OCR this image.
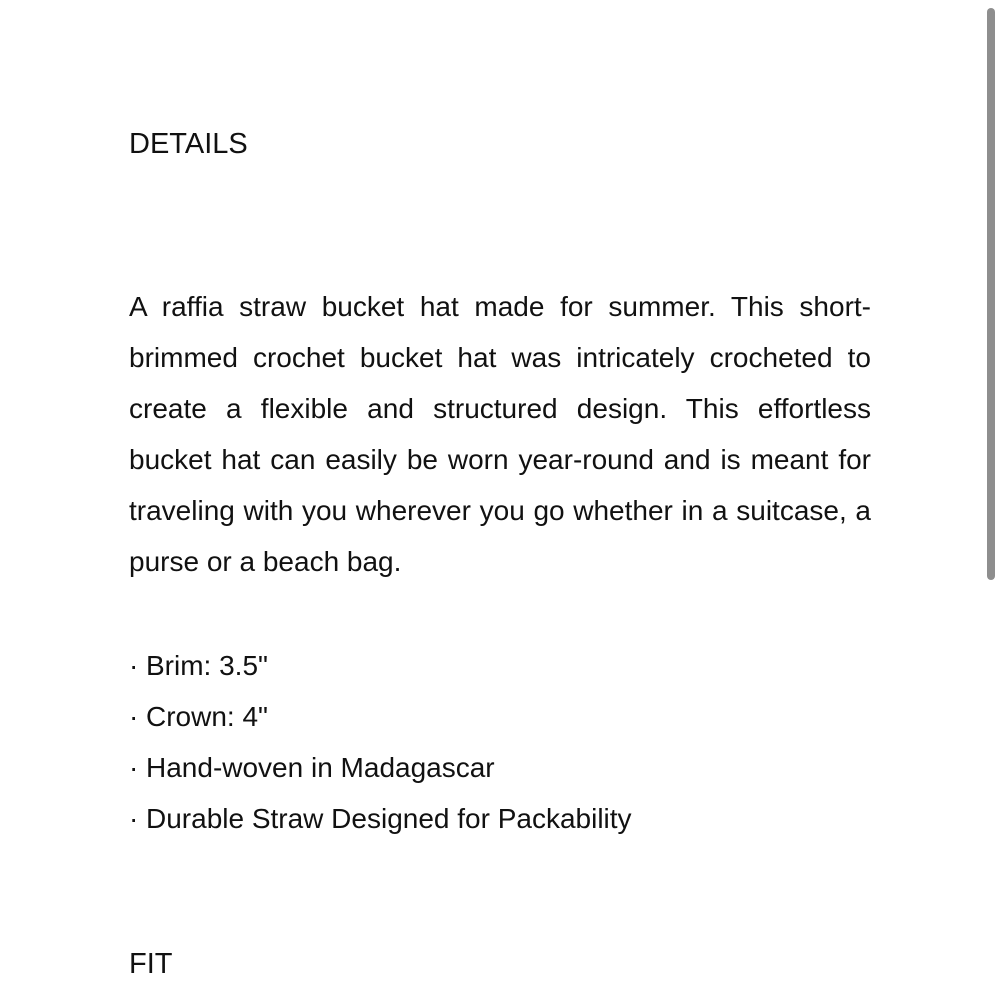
DETAILS

A raffia straw bucket hat made for summer. This short-brimmed crochet bucket hat was intricately crocheted to create a flexible and structured design. This effortless bucket hat can easily be worn year-round and is meant for traveling with you wherever you go whether in a suitcase, a purse or a beach bag.

· Brim: 3.5"
· Crown: 4"
· Hand-woven in Madagascar
· Durable Straw Designed for Packability
FIT
